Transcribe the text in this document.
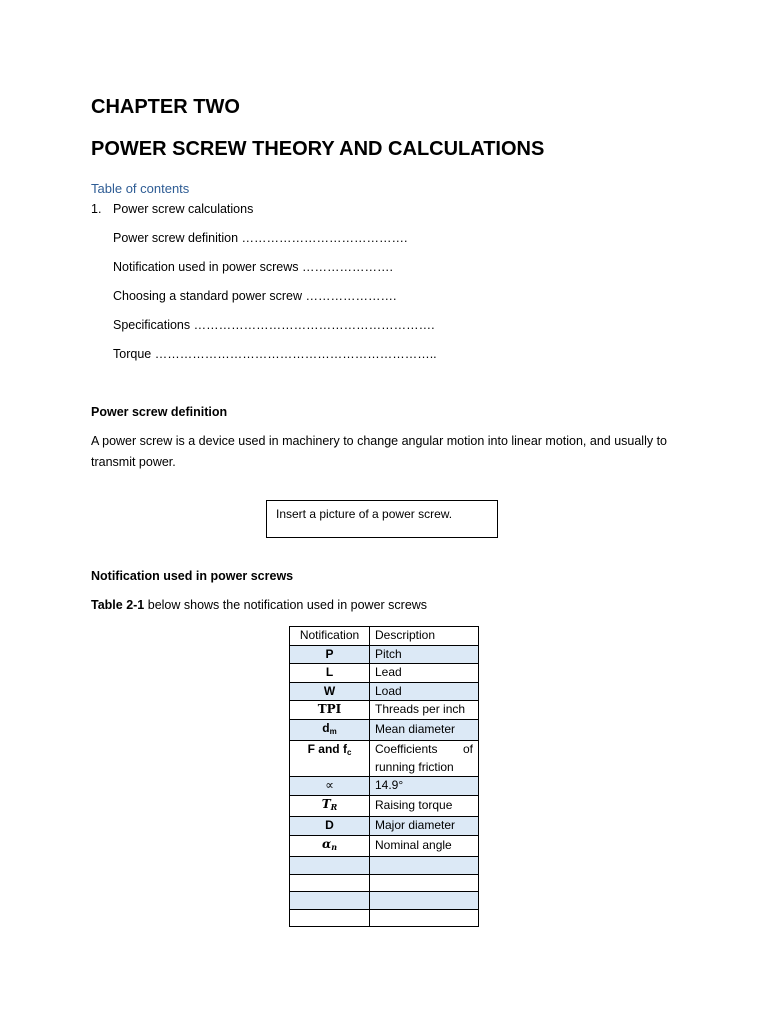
CHAPTER TWO
POWER SCREW THEORY AND CALCULATIONS
Table of contents
1. Power screw calculations
Power screw definition ………………………………….
Notification used in power screws ………………….
Choosing a standard power screw ………………….
Specifications ………………………………………………….
Torque …………………………………………………………..
Power screw definition
A power screw is a device used in machinery to change angular motion into linear motion, and usually to transmit power.
Insert a picture of a power screw.
Notification used in power screws
Table 2-1 below shows the notification used in power screws
Notification	Description
P	Pitch
L	Lead
W	Load
TPI	Threads per inch
$d_m$	Mean diameter
F and $f_c$	Coefficients of
running friction

∝	14.9°
$T_R$	Raising torque
D	Major diameter
$\alpha_n$	Nominal angle
